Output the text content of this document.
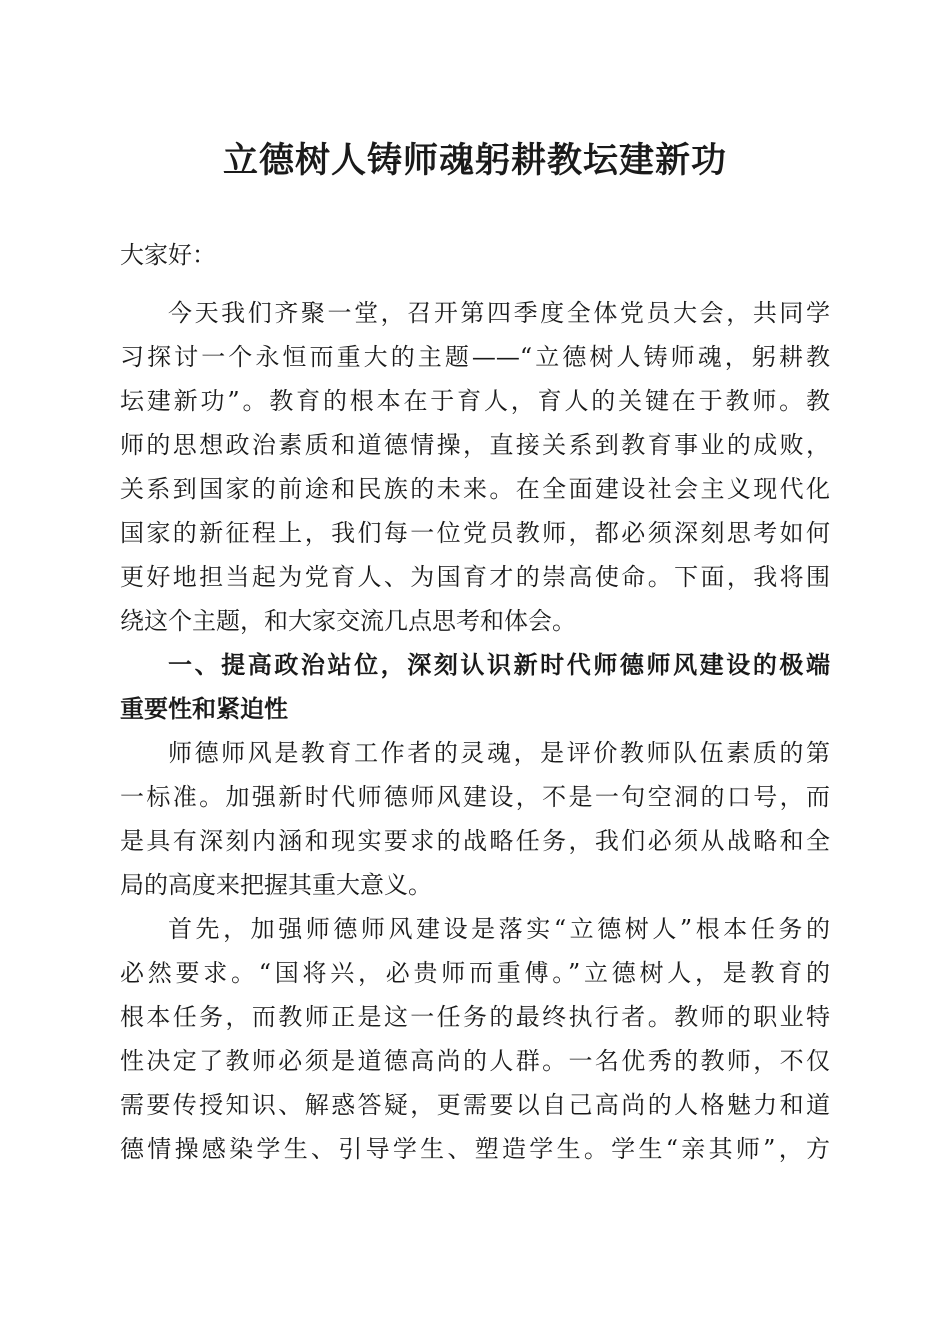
立德树人铸师魂躬耕教坛建新功
大家好：
今天我们齐聚一堂，召开第四季度全体党员大会，共同学
习探讨一个永恒而重大的主题——“立德树人铸师魂，躬耕教
坛建新功”。教育的根本在于育人，育人的关键在于教师。教
师的思想政治素质和道德情操，直接关系到教育事业的成败，
关系到国家的前途和民族的未来。在全面建设社会主义现代化
国家的新征程上，我们每一位党员教师，都必须深刻思考如何
更好地担当起为党育人、为国育才的崇高使命。下面，我将围
绕这个主题，和大家交流几点思考和体会。
一、提高政治站位，深刻认识新时代师德师风建设的极端
重要性和紧迫性
师德师风是教育工作者的灵魂，是评价教师队伍素质的第
一标准。加强新时代师德师风建设，不是一句空洞的口号，而
是具有深刻内涵和现实要求的战略任务，我们必须从战略和全
局的高度来把握其重大意义。
首先，加强师德师风建设是落实“立德树人”根本任务的
必然要求。“国将兴，必贵师而重傅。”立德树人，是教育的
根本任务，而教师正是这一任务的最终执行者。教师的职业特
性决定了教师必须是道德高尚的人群。一名优秀的教师，不仅
需要传授知识、解惑答疑，更需要以自己高尚的人格魅力和道
德情操感染学生、引导学生、塑造学生。学生“亲其师”，方
